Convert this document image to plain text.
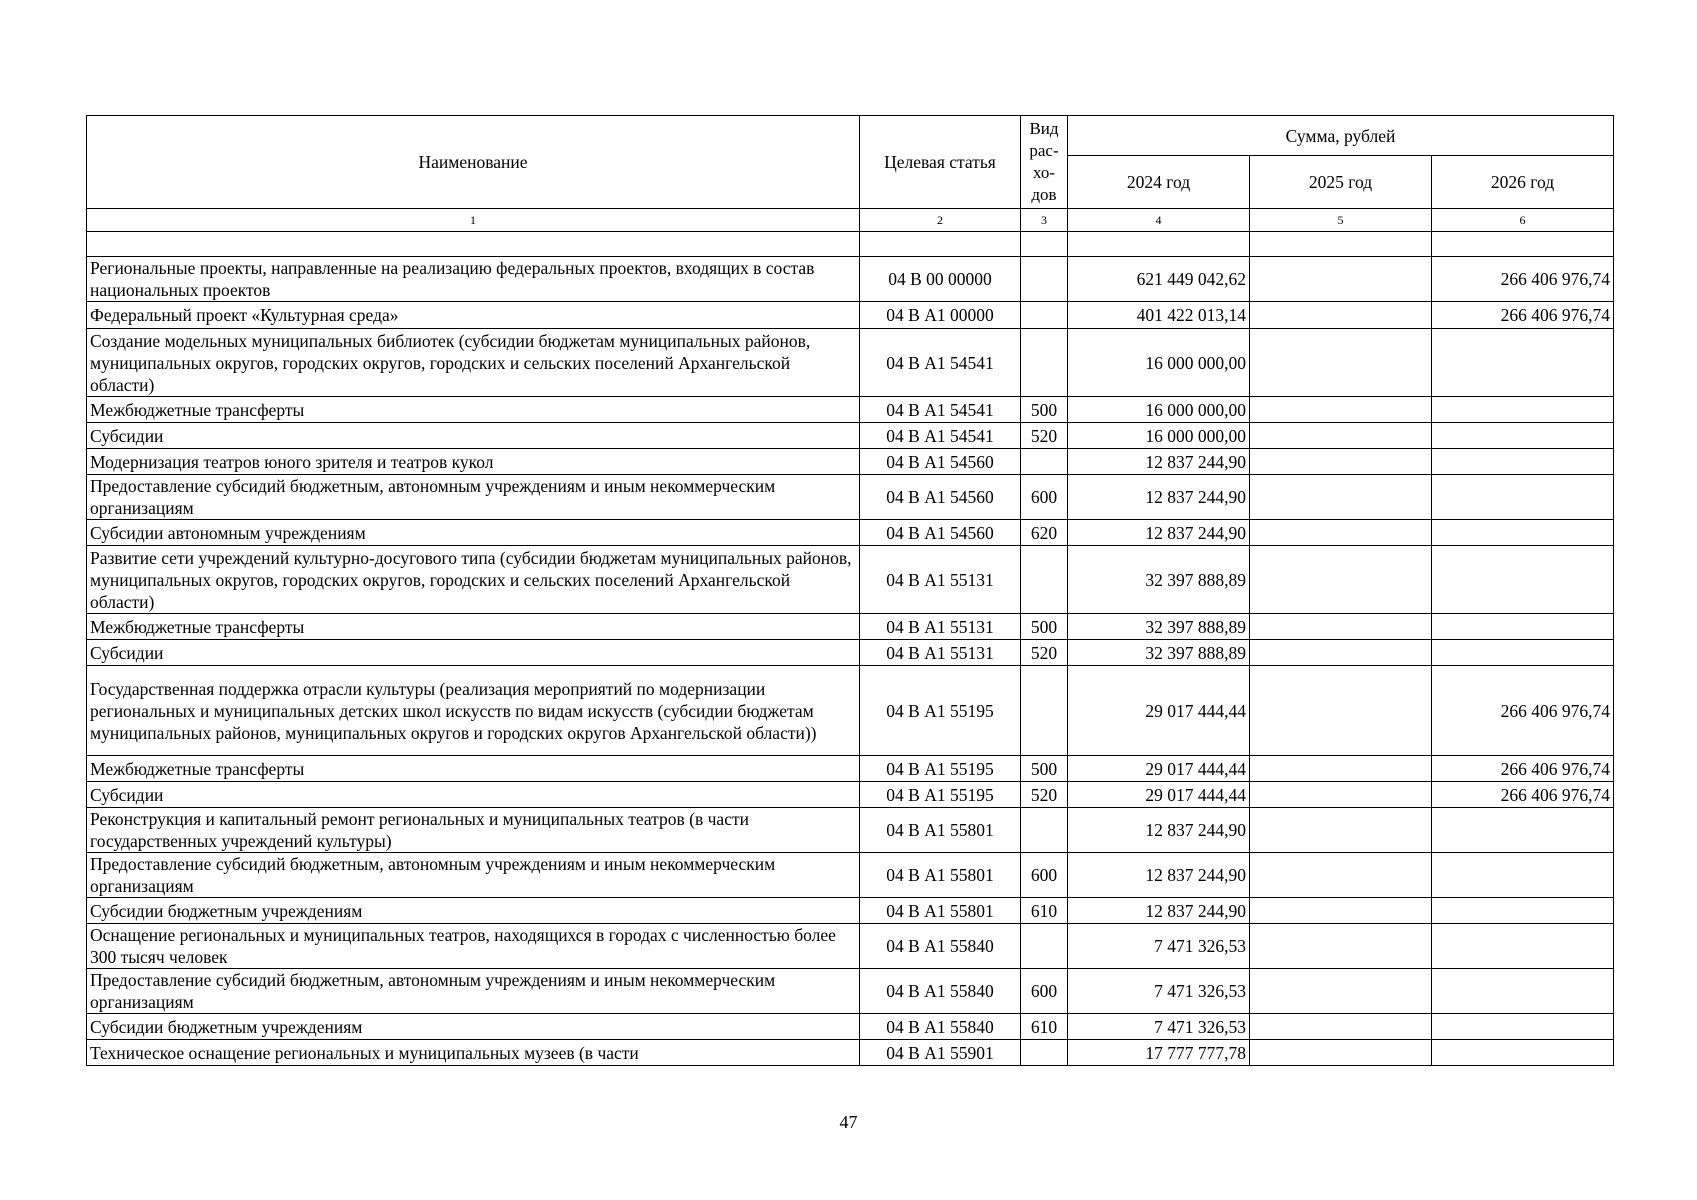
Наименование	Целевая статья	Вид рас-хо-дов	Сумма, рублей		
			2024 год	2025 год	2026 год
1	2	3	4	5	6

Региональные проекты, направленные на реализацию федеральных проектов, входящих в состав национальных проектов	04 В 00 00000		621 449 042,62		266 406 976,74
Федеральный проект «Культурная среда»	04 В А1 00000		401 422 013,14		266 406 976,74
Создание модельных муниципальных библиотек (субсидии бюджетам муниципальных районов, муниципальных округов, городских округов, городских и сельских поселений Архангельской области)	04 В А1 54541		16 000 000,00		
Межбюджетные трансферты	04 В А1 54541	500	16 000 000,00		
Субсидии	04 В А1 54541	520	16 000 000,00		
Модернизация театров юного зрителя и театров кукол	04 В А1 54560		12 837 244,90		
Предоставление субсидий бюджетным, автономным учреждениям и иным некоммерческим организациям	04 В А1 54560	600	12 837 244,90		
Субсидии автономным учреждениям	04 В А1 54560	620	12 837 244,90		
Развитие сети учреждений культурно-досугового типа (субсидии бюджетам муниципальных районов, муниципальных округов, городских округов, городских и сельских поселений Архангельской области)	04 В А1 55131		32 397 888,89		
Межбюджетные трансферты	04 В А1 55131	500	32 397 888,89		
Субсидии	04 В А1 55131	520	32 397 888,89		
Государственная поддержка отрасли культуры (реализация мероприятий по модернизации региональных и муниципальных детских школ искусств по видам искусств (субсидии бюджетам муниципальных районов, муниципальных округов и городских округов Архангельской области))	04 В А1 55195		29 017 444,44		266 406 976,74
Межбюджетные трансферты	04 В А1 55195	500	29 017 444,44		266 406 976,74
Субсидии	04 В А1 55195	520	29 017 444,44		266 406 976,74
Реконструкция и капитальный ремонт региональных и муниципальных театров (в части государственных учреждений культуры)	04 В А1 55801		12 837 244,90		
Предоставление субсидий бюджетным, автономным учреждениям и иным некоммерческим организациям	04 В А1 55801	600	12 837 244,90		
Субсидии бюджетным учреждениям	04 В А1 55801	610	12 837 244,90		
Оснащение региональных и муниципальных театров, находящихся в городах с численностью более 300 тысяч человек	04 В А1 55840		7 471 326,53		
Предоставление субсидий бюджетным, автономным учреждениям и иным некоммерческим организациям	04 В А1 55840	600	7 471 326,53		
Субсидии бюджетным учреждениям	04 В А1 55840	610	7 471 326,53		
Техническое оснащение региональных и муниципальных музеев (в части	04 В А1 55901		17 777 777,78		
47
